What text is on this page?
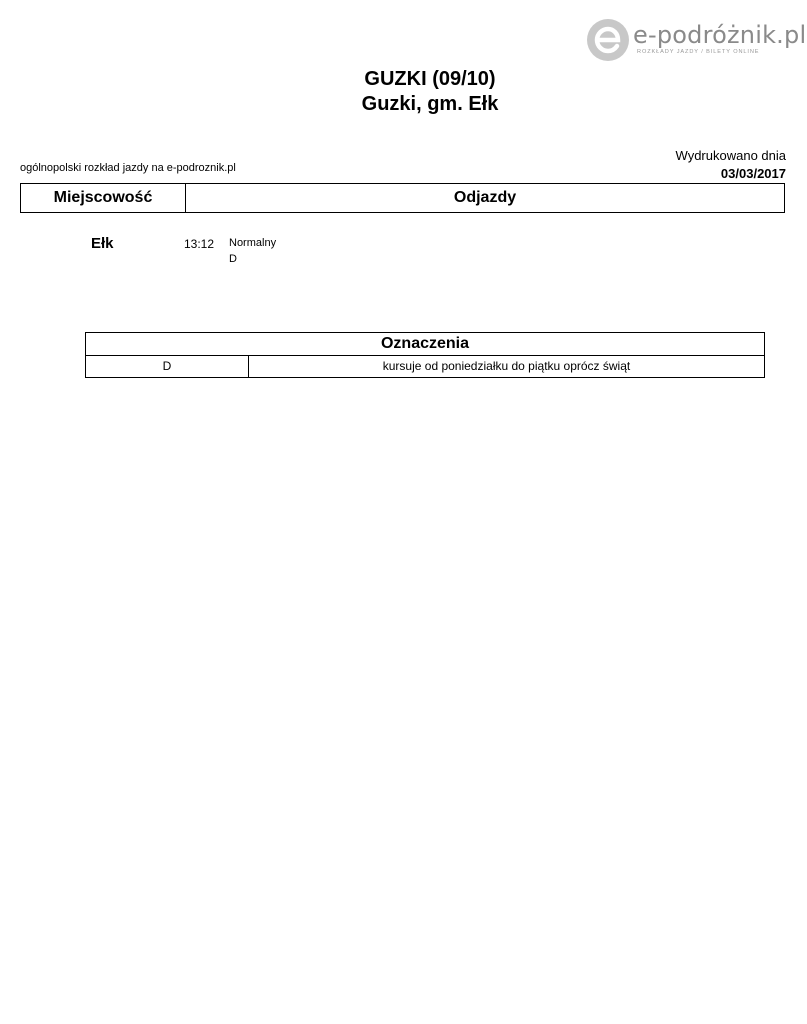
e-podróżnik.pl
ROZKŁADY JAZDY / BILETY ONLINE
GUZKI (09/10)
Guzki, gm. Ełk
ogólnopolski rozkład jazdy na e-podroznik.pl
Wydrukowano dnia
03/03/2017
Miejscowość	Odjazdy
Ełk	13:12 Normalny
D
Oznaczenia
D	kursuje od poniedziałku do piątku oprócz świąt
